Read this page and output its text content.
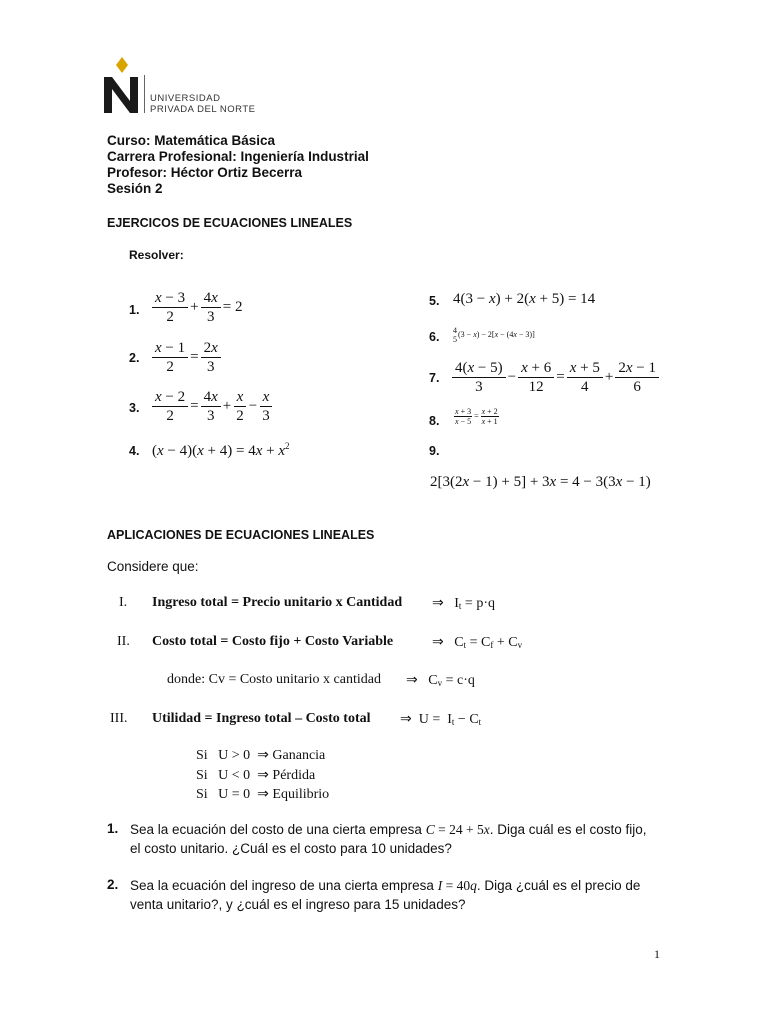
UNIVERSIDAD
PRIVADA DEL NORTE
Curso: Matemática Básica
Carrera Profesional: Ingeniería Industrial
Profesor: Héctor Ortiz Becerra
Sesión 2
EJERCICOS DE ECUACIONES LINEALES
Resolver:
1. $\frac{x - 3}{2} + \frac{4x}{3} = 2$
2. $\frac{x - 1}{2} = \frac{2x}{3}$
3. $\frac{x - 2}{2} = \frac{4x}{3} + \frac{x}{2} - \frac{x}{3}$
4. $(x - 4)(x + 4) = 4x + x^2$
5. 4(3 − x) + 2(x + 5) = 14
6. 4
5
(3 − x) − 2[x − (4x − 3)]
7. $\frac{4(x - 5)}{3} - \frac{x + 6}{12} = \frac{x + 5}{4} + \frac{2x - 1}{6}$
8. $\frac{x + 3}{x - 5} = \frac{x + 2}{x + 1}$
9.
2[3(2x − 1) + 5] + 3x = 4 − 3(3x − 1)
APLICACIONES DE ECUACIONES LINEALES
Considere que:
I. Ingreso total = Precio unitario x Cantidad ⇒   $I_t = p\cdot q$
II. Costo total = Costo fijo + Costo Variable	⇒   $C_t = C_f + C_v$
donde: Cv = Costo unitario x cantidad ⇒   $C_v = c\cdot q$
III. Utilidad = Ingreso total – Costo total ⇒  $U = I_t - C_t$
Si   U > 0  ⇒ Ganancia
Si   U < 0  ⇒ Pérdida
Si   U = 0  ⇒ Equilibrio
1. Sea la ecuación del costo de una cierta empresa C = 24 + 5x. Diga cuál es el costo fijo, el costo unitario. ¿Cuál es el costo para 10 unidades?
2. Sea la ecuación del ingreso de una cierta empresa I = 40q. Diga ¿cuál es el precio de venta unitario?, y ¿cuál es el ingreso para 15 unidades?
1
